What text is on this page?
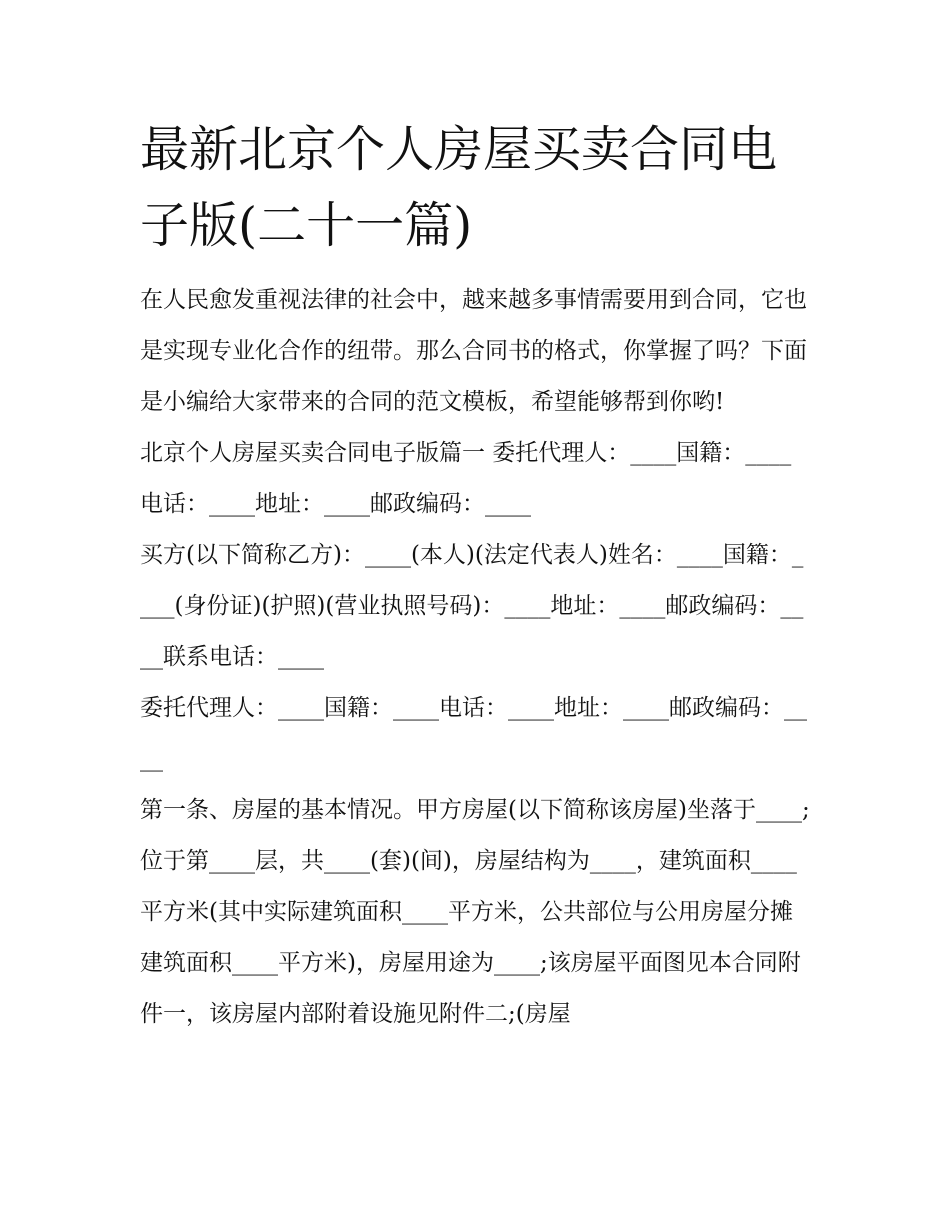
最新北京个人房屋买卖合同电子版(二十一篇)

在人民愈发重视法律的社会中，越来越多事情需要用到合同，它也是实现专业化合作的纽带。那么合同书的格式，你掌握了吗？下面是小编给大家带来的合同的范文模板，希望能够帮到你哟!

北京个人房屋买卖合同电子版篇一 委托代理人：____国籍：____电话：____地址：____邮政编码：____

买方(以下简称乙方)：____(本人)(法定代表人)姓名：____国籍：____(身份证)(护照)(营业执照号码)：____地址：____邮政编码：____联系电话：____

委托代理人：____国籍：____电话：____地址：____邮政编码：____

第一条、房屋的基本情况。甲方房屋(以下简称该房屋)坐落于____;位于第____层，共____(套)(间)，房屋结构为____，建筑面积____平方米(其中实际建筑面积____平方米，公共部位与公用房屋分摊建筑面积____平方米)，房屋用途为____;该房屋平面图见本合同附件一，该房屋内部附着设施见附件二;(房屋
